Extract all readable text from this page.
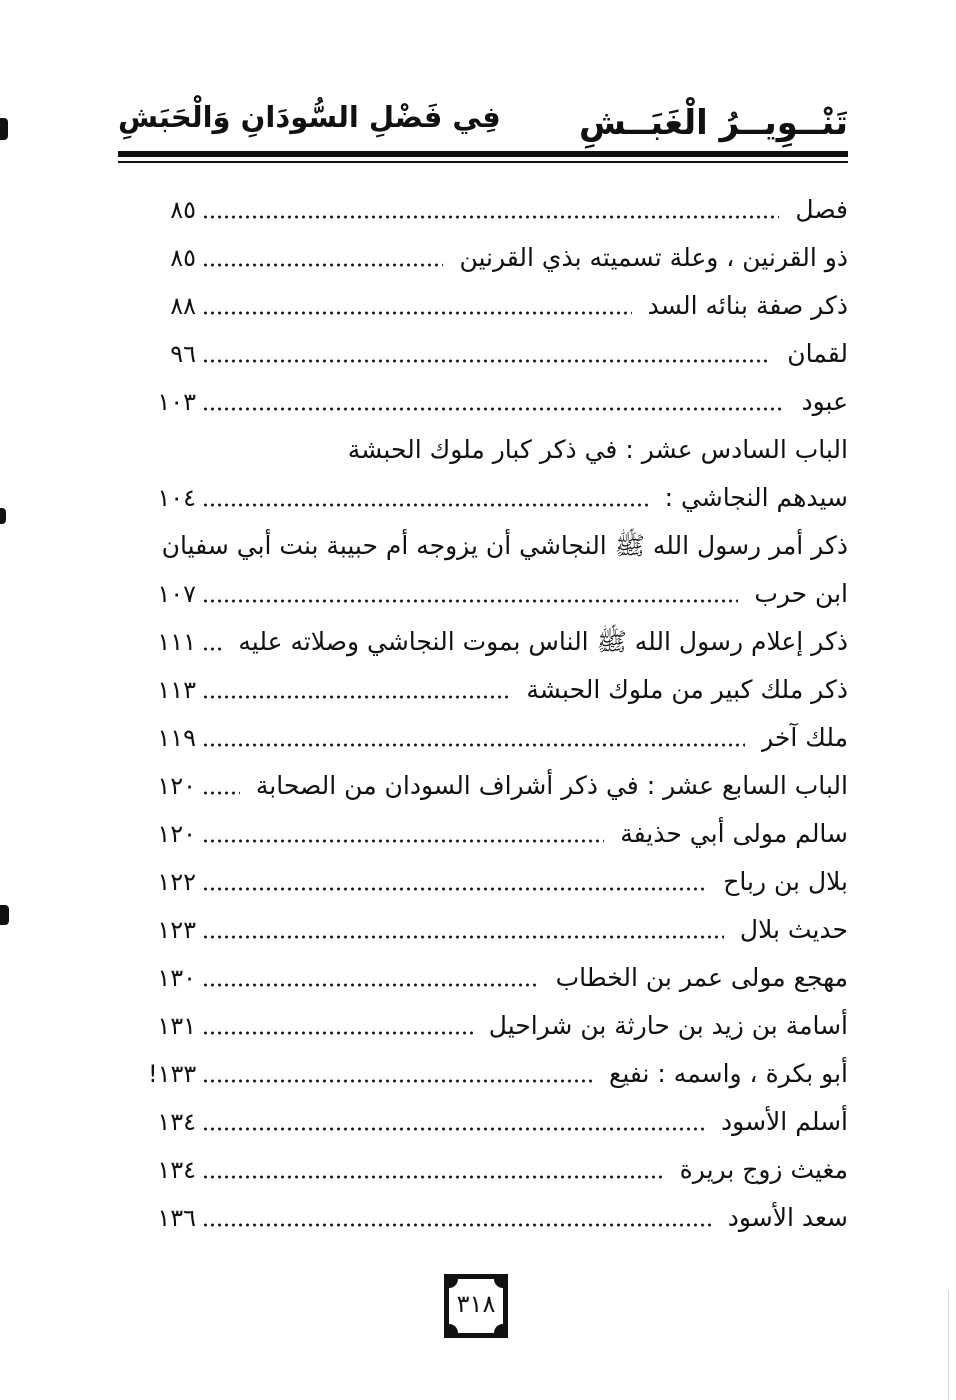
تَنْــوِيــرُ الْغَبَــشِ
فِي فَضْلِ السُّودَانِ وَالْحَبَشِ
فصل
٨٥
ذو القرنين ، وعلة تسميته بذي القرنين
٨٥
ذكر صفة بنائه السد
٨٨
لقمان
٩٦
عبود
١٠٣
الباب السادس عشر : في ذكر كبار ملوك الحبشة
سيدهم النجاشي :
١٠٤
ذكر أمر رسول الله ﷺ النجاشي أن يزوجه أم حبيبة بنت أبي سفيان
ابن حرب
١٠٧
ذكر إعلام رسول الله ﷺ الناس بموت النجاشي وصلاته عليه
١١١
ذكر ملك كبير من ملوك الحبشة
١١٣
ملك آخر
١١٩
الباب السابع عشر : في ذكر أشراف السودان من الصحابة
١٢٠
سالم مولى أبي حذيفة
١٢٠
بلال بن رباح
١٢٢
حديث بلال
١٢٣
مهجع مولى عمر بن الخطاب
١٣٠
أسامة بن زيد بن حارثة بن شراحيل
١٣١
أبو بكرة ، واسمه : نفيع
١٣٣!
أسلم الأسود
١٣٤
مغيث زوج بريرة
١٣٤
سعد الأسود
١٣٦
٣١٨
